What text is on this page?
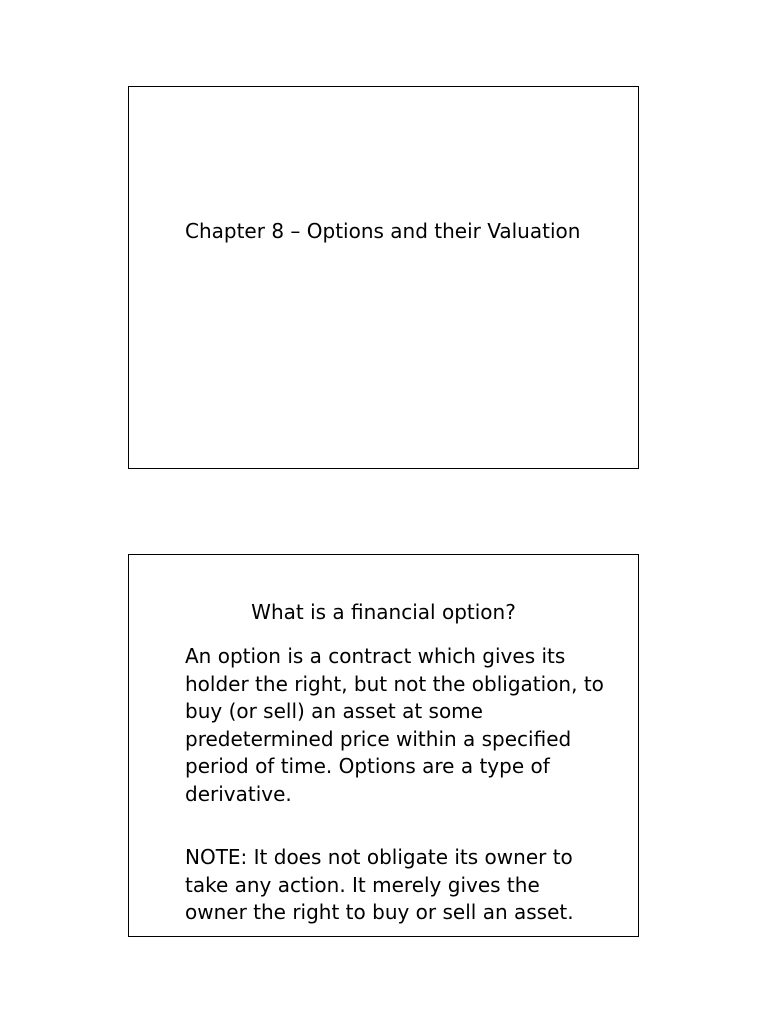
Chapter 8 – Options and their Valuation
What is a financial option?

An option is a contract which gives its
holder the right, but not the obligation, to
buy (or sell) an asset at some
predetermined price within a specified
period of time. Options are a type of
derivative.

NOTE: It does not obligate its owner to
take any action. It merely gives the
owner the right to buy or sell an asset.
